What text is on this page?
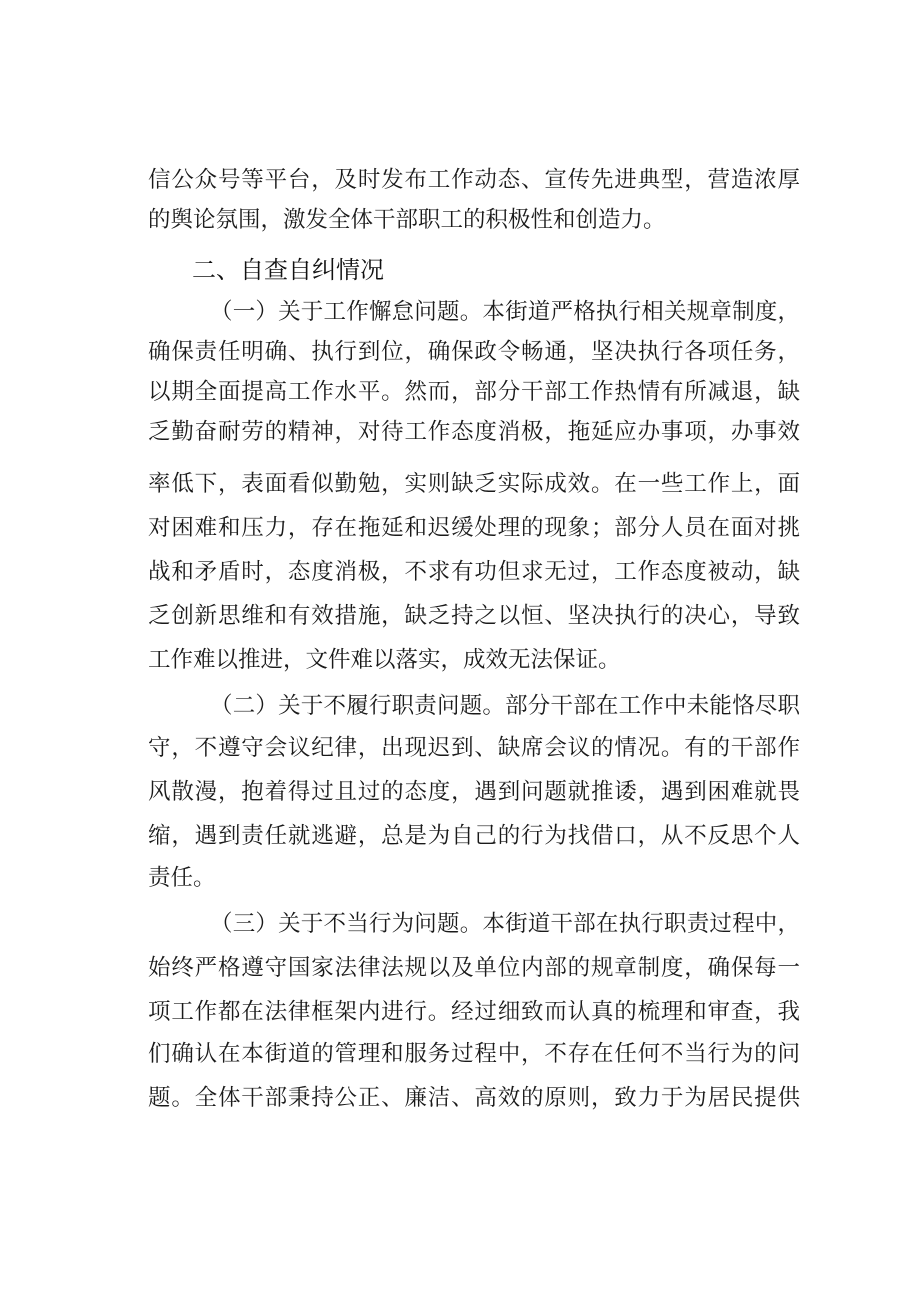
信公众号等平台，及时发布工作动态、宣传先进典型，营造浓厚
的舆论氛围，激发全体干部职工的积极性和创造力。
二、自查自纠情况
（一）关于工作懈怠问题。本街道严格执行相关规章制度，
确保责任明确、执行到位，确保政令畅通，坚决执行各项任务，
以期全面提高工作水平。然而，部分干部工作热情有所减退，缺
乏勤奋耐劳的精神，对待工作态度消极，拖延应办事项，办事效
率低下，表面看似勤勉，实则缺乏实际成效。在一些工作上，面
对困难和压力，存在拖延和迟缓处理的现象；部分人员在面对挑
战和矛盾时，态度消极，不求有功但求无过，工作态度被动，缺
乏创新思维和有效措施，缺乏持之以恒、坚决执行的决心，导致
工作难以推进，文件难以落实，成效无法保证。
（二）关于不履行职责问题。部分干部在工作中未能恪尽职
守，不遵守会议纪律，出现迟到、缺席会议的情况。有的干部作
风散漫，抱着得过且过的态度，遇到问题就推诿，遇到困难就畏
缩，遇到责任就逃避，总是为自己的行为找借口，从不反思个人
责任。
（三）关于不当行为问题。本街道干部在执行职责过程中，
始终严格遵守国家法律法规以及单位内部的规章制度，确保每一
项工作都在法律框架内进行。经过细致而认真的梳理和审查，我
们确认在本街道的管理和服务过程中，不存在任何不当行为的问
题。全体干部秉持公正、廉洁、高效的原则，致力于为居民提供
